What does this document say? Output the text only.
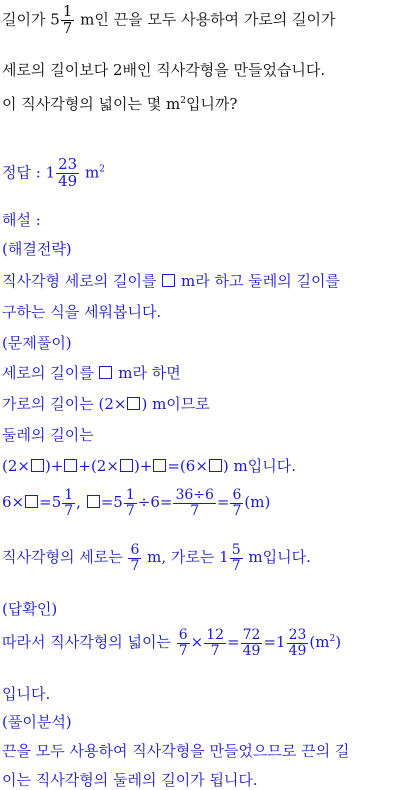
길이가 $5 \frac{1}{7}$ m인 끈을 모두 사용하여 가로의 길이가
세로의 길이보다 2배인 직사각형을 만들었습니다.
이 직사각형의 넓이는 몇 $m^2$입니까?
정답 : $1 \frac{23}{49} m^2$
해설 :
(해결전략)
직사각형 세로의 길이를  m라 하고 둘레의 길이를
구하는 식을 세워봅니다.
(문제풀이)
세로의 길이를  m라 하면
가로의 길이는 (2× ) m이므로
둘레의 길이는
(2× )+ +(2× )+ =(6× ) m입니다.
$6\times =5 \frac{1}{7}$ , $=5 \frac{1}{7} \div 6= \frac{36\div 6}{7} = \frac{6}{7} (m)$
직사각형의 세로는 $\frac{6}{7} m$, 가로는 $1 \frac{5}{7}$ m입니다.
(답확인)
따라서 직사각형의 넓이는 $\frac{6}{7} \times \frac{12}{7} = \frac{72}{49} =1 \frac{23}{49} (m^2)$
입니다.
(풀이분석)
끈을 모두 사용하여 직사각형을 만들었으므로 끈의 길
이는 직사각형의 둘레의 길이가 됩니다.
